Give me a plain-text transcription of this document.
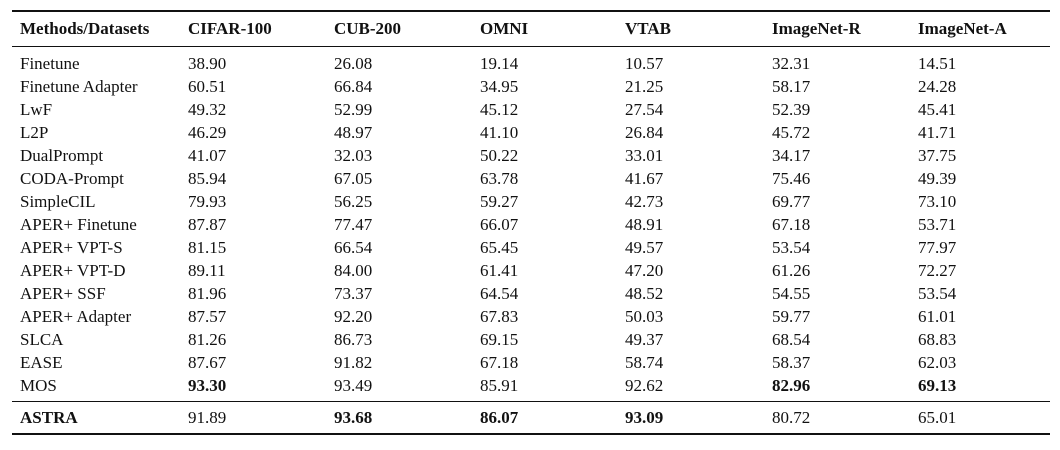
Methods/Datasets	CIFAR-100	CUB-200	OMNI	VTAB	ImageNet-R	ImageNet-A
Finetune	38.90	26.08	19.14	10.57	32.31	14.51
Finetune Adapter	60.51	66.84	34.95	21.25	58.17	24.28
LwF	49.32	52.99	45.12	27.54	52.39	45.41
L2P	46.29	48.97	41.10	26.84	45.72	41.71
DualPrompt	41.07	32.03	50.22	33.01	34.17	37.75
CODA-Prompt	85.94	67.05	63.78	41.67	75.46	49.39
SimpleCIL	79.93	56.25	59.27	42.73	69.77	73.10
APER+ Finetune	87.87	77.47	66.07	48.91	67.18	53.71
APER+ VPT-S	81.15	66.54	65.45	49.57	53.54	77.97
APER+ VPT-D	89.11	84.00	61.41	47.20	61.26	72.27
APER+ SSF	81.96	73.37	64.54	48.52	54.55	53.54
APER+ Adapter	87.57	92.20	67.83	50.03	59.77	61.01
SLCA	81.26	86.73	69.15	49.37	68.54	68.83
EASE	87.67	91.82	67.18	58.74	58.37	62.03
MOS	93.30	93.49	85.91	92.62	82.96	69.13
ASTRA	91.89	93.68	86.07	93.09	80.72	65.01
